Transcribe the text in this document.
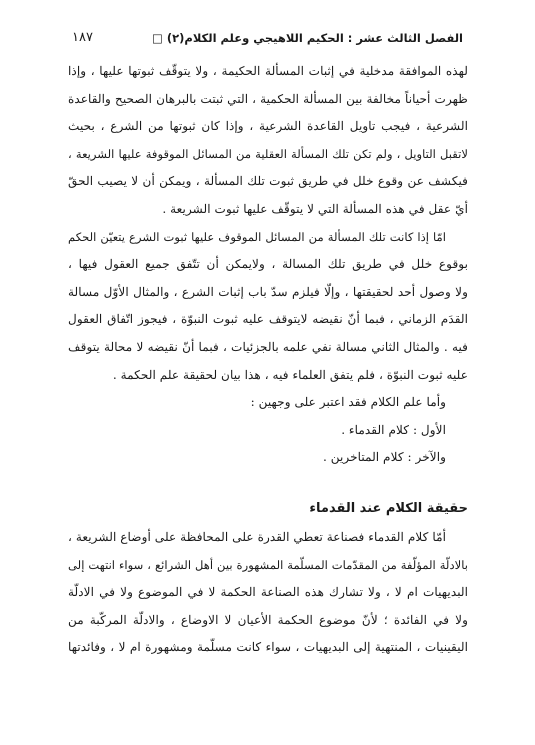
الفصل الثالث عشر : الحكيم اللاهيجي وعلم الكلام(٢) □
١٨٧
لهذه الموافقة مدخلية في إثبات المسألة الحكيمة ، ولا يتوقّف ثبوتها عليها ، وإذا
ظهرت أحياناً مخالفة بين المسألة الحكمية ، التي ثبتت بالبرهان الصحيح والقاعدة
الشرعية ، فيجب تاويل القاعدة الشرعية ، وإذا كان ثبوتها من الشرع ، بحيث
لاتقبل التاويل ، ولم تكن تلك المسألة العقلية من المسائل الموقوفة عليها الشريعة ،
فيكشف عن وقوع خلل في طريق ثبوت تلك المسألة ، ويمكن أن لا يصيب الحقّ
أيّ عقل في هذه المسألة التي لا يتوقّف عليها ثبوت الشريعة .
امّا إذا كانت تلك المسألة من المسائل الموقوف عليها ثبوت الشرع يتعيّن الحكم
بوقوع خلل في طريق تلك المسالة ، ولايمكن أن تتّفق جميع العقول فيها ،
ولا وصول أحد لحقيقتها ، وإلّا فيلزم سدّ باب إثبات الشرع ، والمثال الأوّل مسالة
القدَم الزماني ، فبما أنّ نقيضه لايتوقف عليه ثبوت النبوّة ، فيجوز اتّفاق العقول
فيه . والمثال الثاني مسالة نفي علمه بالجزئيات ، فبما أنّ نقيضه لا محالة يتوقف
عليه ثبوت النبوّة ، فلم يتفق العلماء فيه ، هذا بيان لحقيقة علم الحكمة .
وأما علم الكلام فقد اعتبر على وجهين :
الأول : كلام القدماء .
والآخر : كلام المتاخرين .
حقيقة الكلام عند القدماء
أمّا كلام القدماء فصناعة تعطي القدرة على المحافظة على أوضاع الشريعة ،
بالادلّة المؤلّفة من المقدّمات المسلّمة المشهورة بين أهل الشرائع ، سواء انتهت إلى
البديهيات ام لا ، ولا تشارك هذه الصناعة الحكمة لا في الموضوع ولا في الادلّة
ولا في الفائدة ؛ لأنّ موضوع الحكمة الأعيان لا الاوضاع ، والادلّة المركّبة من
اليقينيات ، المنتهية إلى البديهيات ، سواء كانت مسلّمة ومشهورة ام لا ، وفائدتها
